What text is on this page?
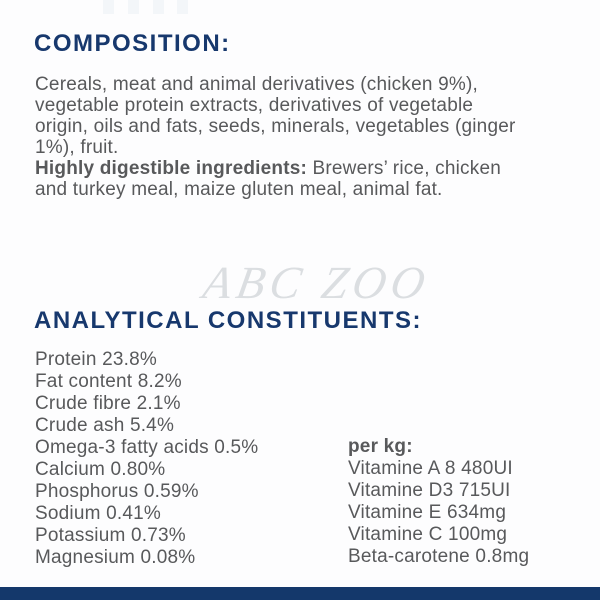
COMPOSITION:
Cereals, meat and animal derivatives (chicken 9%),
vegetable protein extracts, derivatives of vegetable
origin, oils and fats, seeds, minerals, vegetables (ginger
1%), fruit.
Highly digestible ingredients: Brewers’ rice, chicken
and turkey meal, maize gluten meal, animal fat.
ABC ZOO
ANALYTICAL CONSTITUENTS:
Protein 23.8%
Fat content 8.2%
Crude fibre 2.1%
Crude ash 5.4%
Omega-3 fatty acids 0.5%
Calcium 0.80%
Phosphorus 0.59%
Sodium 0.41%
Potassium 0.73%
Magnesium 0.08%
per kg:
Vitamine A 8 480UI
Vitamine D3 715UI
Vitamine E 634mg
Vitamine C 100mg
Beta-carotene 0.8mg
